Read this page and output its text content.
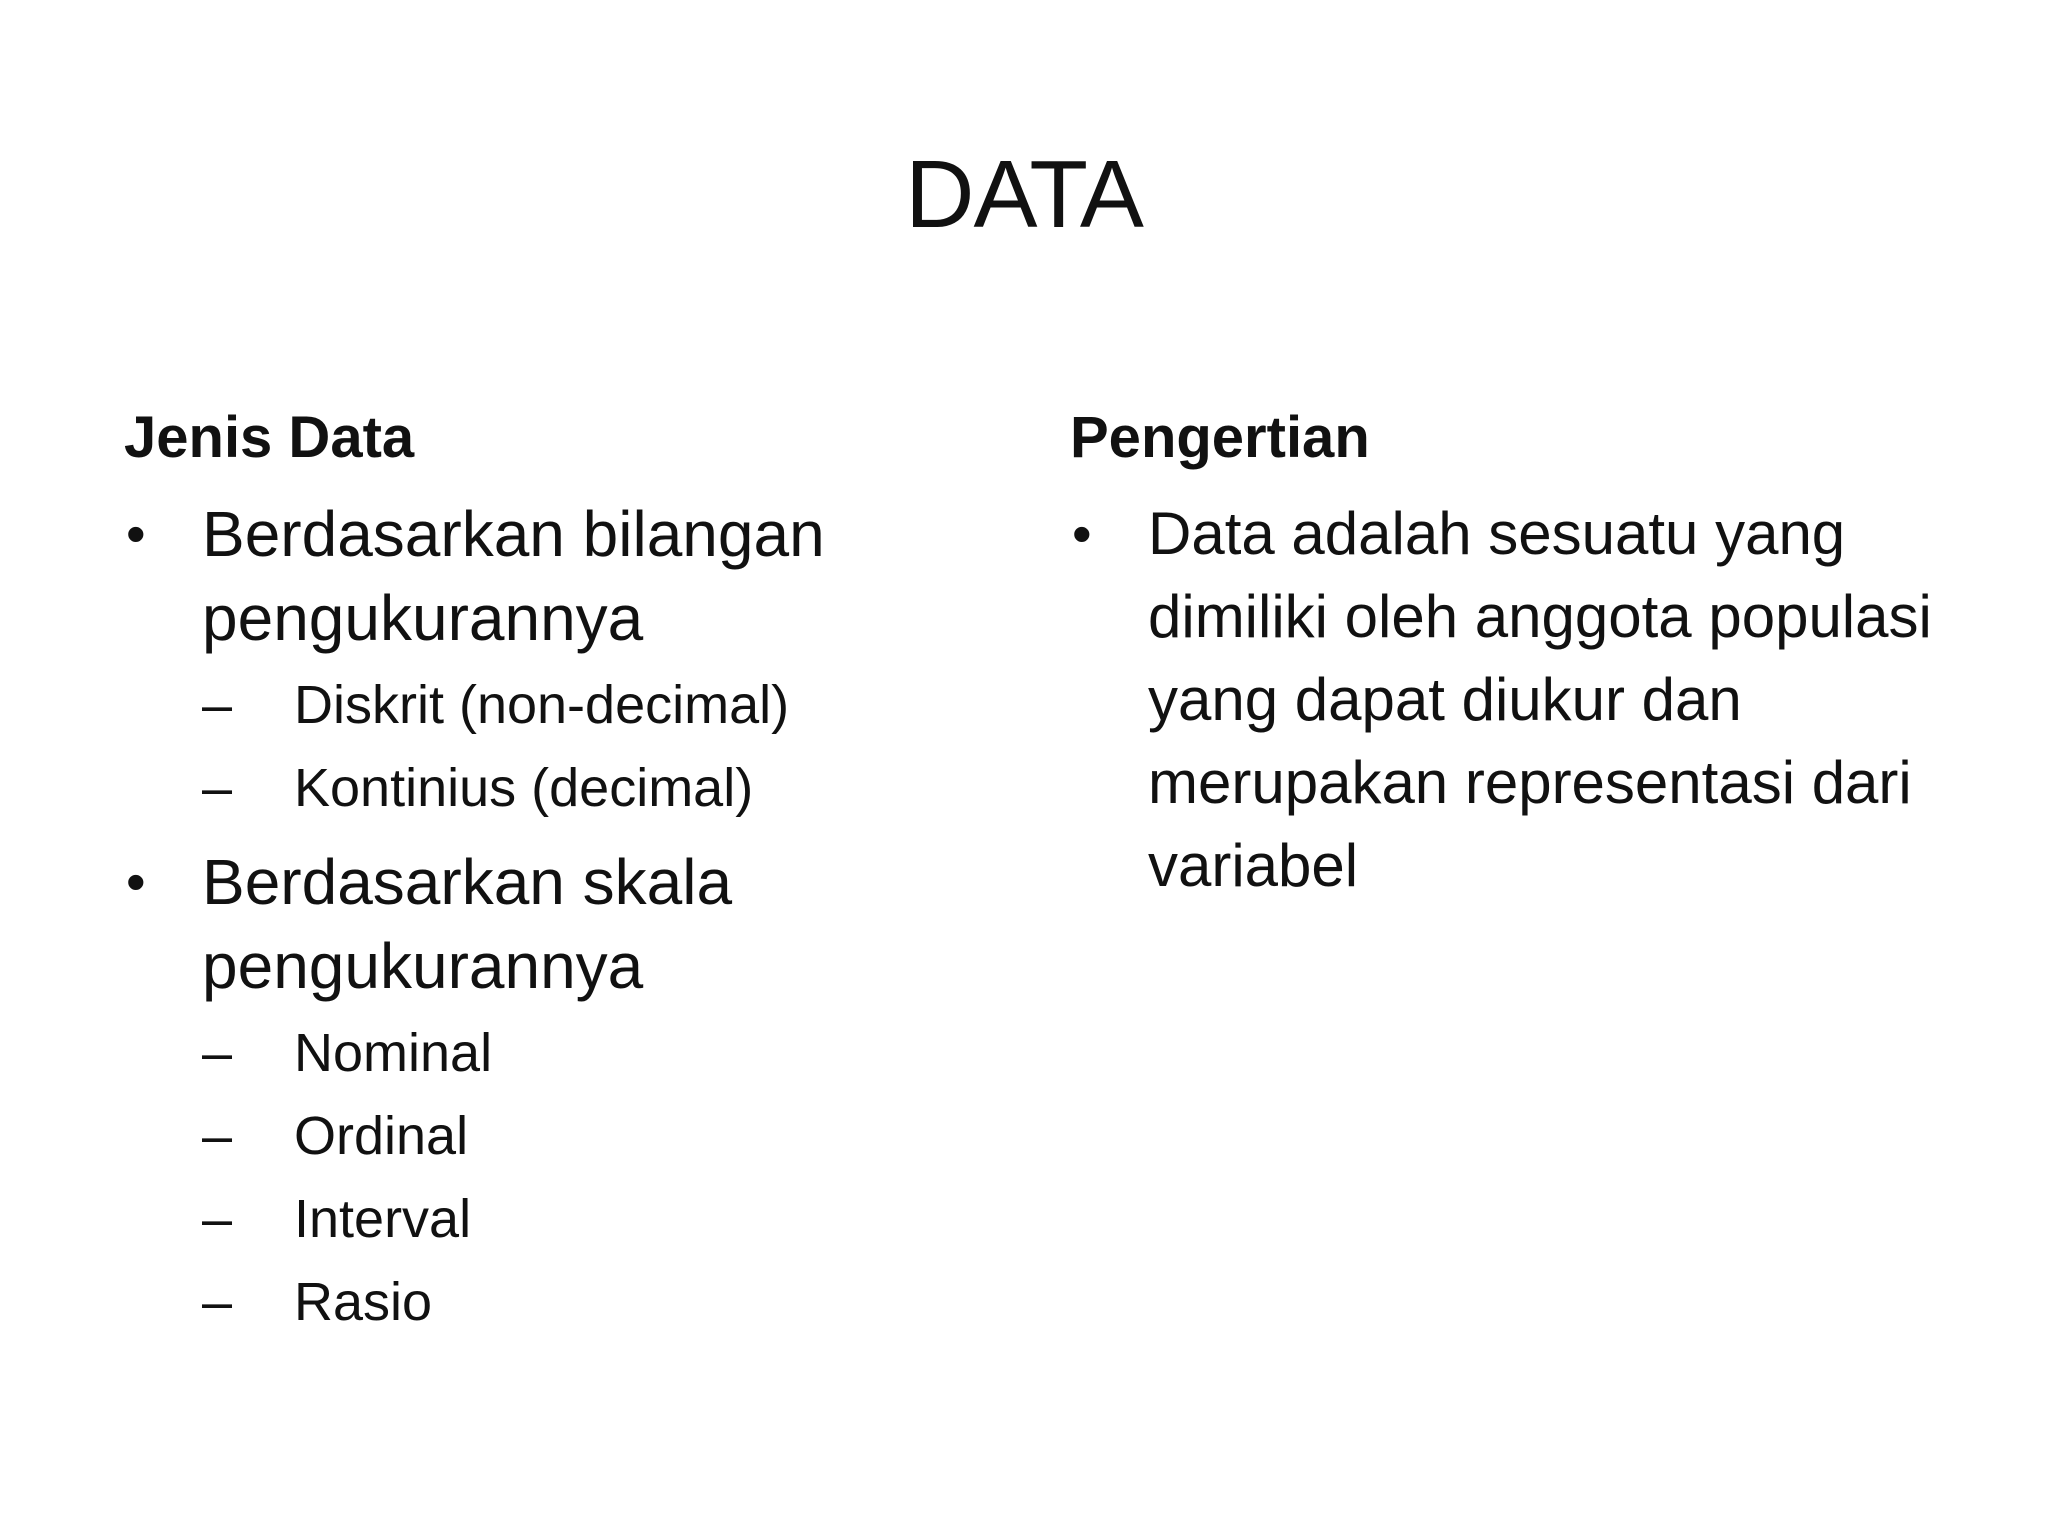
DATA
Jenis Data
• Berdasarkan bilangan pengukurannya
– Diskrit (non-decimal)
– Kontinius (decimal)
• Berdasarkan skala pengukurannya
– Nominal
– Ordinal
– Interval
– Rasio
Pengertian
• Data adalah sesuatu yang dimiliki oleh anggota populasi yang dapat diukur dan merupakan representasi dari variabel
